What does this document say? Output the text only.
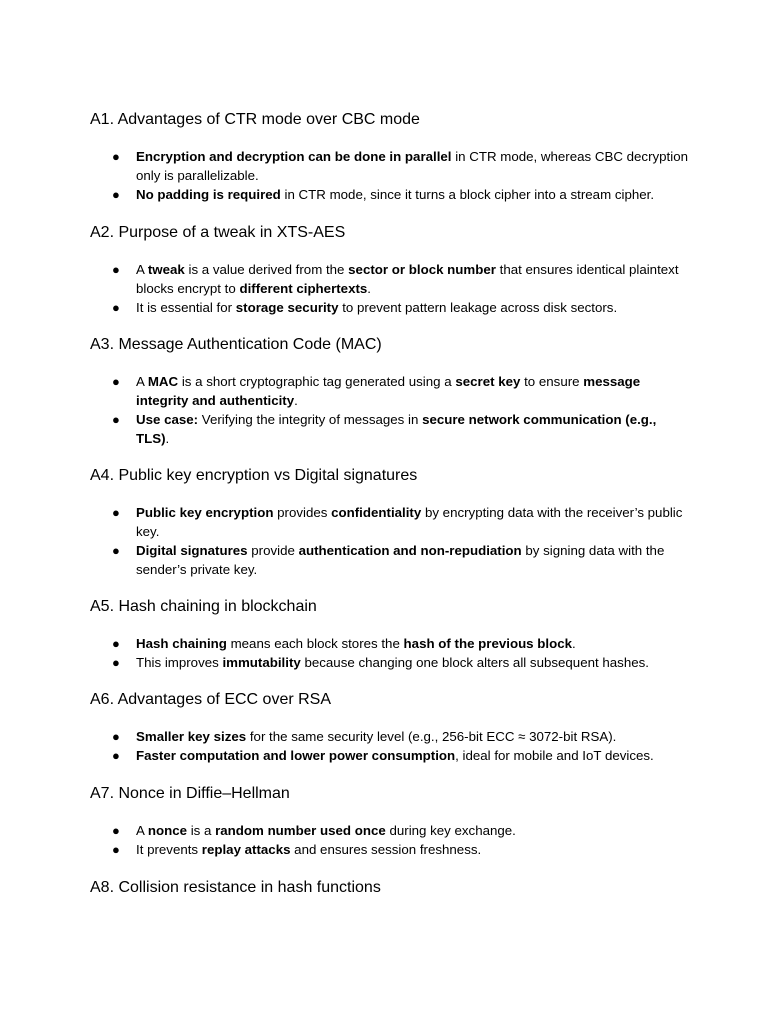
A1. Advantages of CTR mode over CBC mode
● Encryption and decryption can be done in parallel in CTR mode, whereas CBC decryption only is parallelizable.
● No padding is required in CTR mode, since it turns a block cipher into a stream cipher.
A2. Purpose of a tweak in XTS-AES
● A tweak is a value derived from the sector or block number that ensures identical plaintext blocks encrypt to different ciphertexts.
● It is essential for storage security to prevent pattern leakage across disk sectors.
A3. Message Authentication Code (MAC)
● A MAC is a short cryptographic tag generated using a secret key to ensure message integrity and authenticity.
● Use case: Verifying the integrity of messages in secure network communication (e.g., TLS).
A4. Public key encryption vs Digital signatures
● Public key encryption provides confidentiality by encrypting data with the receiver’s public key.
● Digital signatures provide authentication and non-repudiation by signing data with the sender’s private key.
A5. Hash chaining in blockchain
● Hash chaining means each block stores the hash of the previous block.
● This improves immutability because changing one block alters all subsequent hashes.
A6. Advantages of ECC over RSA
● Smaller key sizes for the same security level (e.g., 256-bit ECC ≈ 3072-bit RSA).
● Faster computation and lower power consumption, ideal for mobile and IoT devices.
A7. Nonce in Diffie–Hellman
● A nonce is a random number used once during key exchange.
● It prevents replay attacks and ensures session freshness.
A8. Collision resistance in hash functions
